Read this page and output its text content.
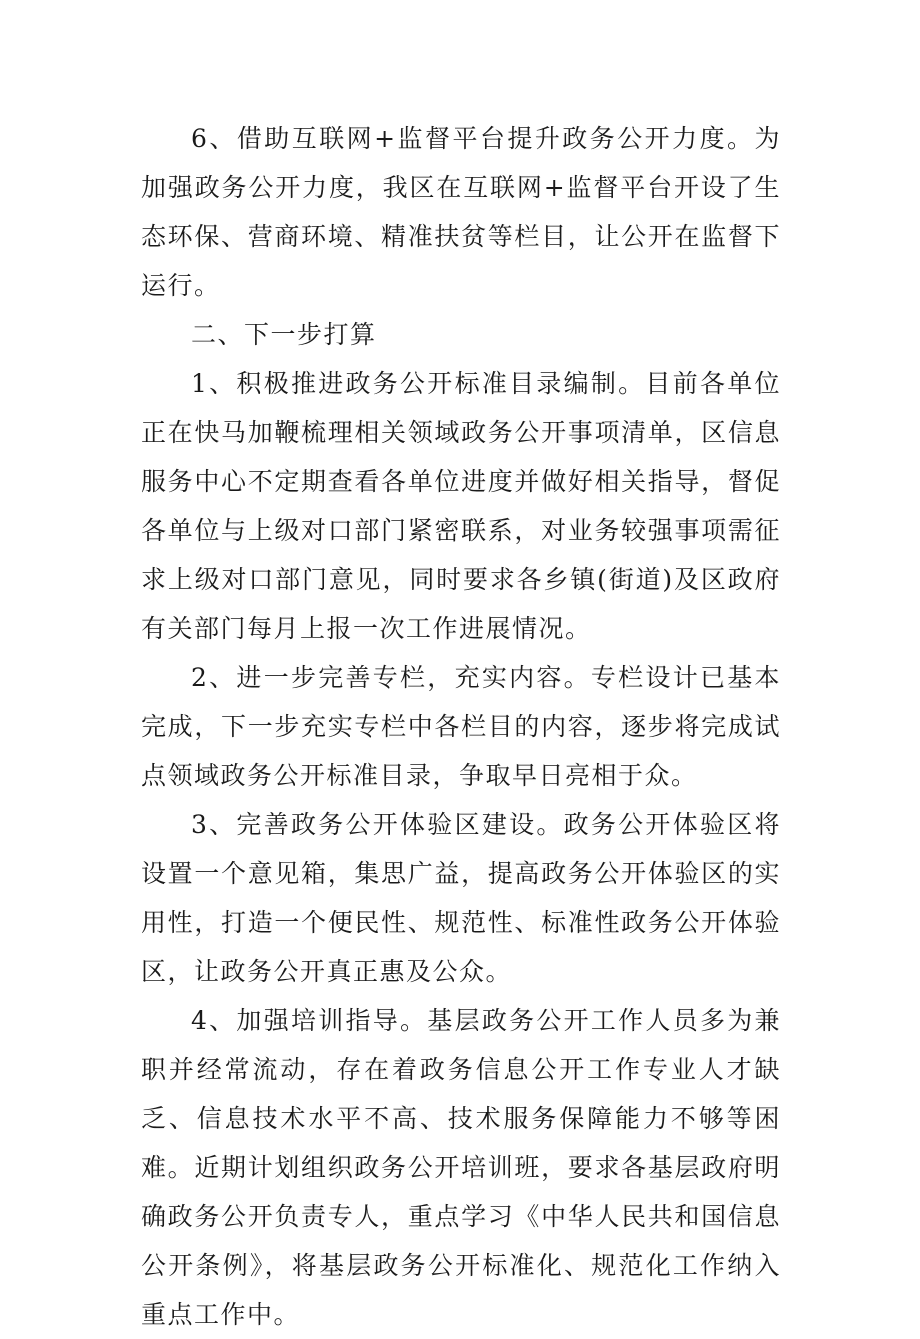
6、借助互联网+监督平台提升政务公开力度。为加强政务公开力度，我区在互联网+监督平台开设了生态环保、营商环境、精准扶贫等栏目，让公开在监督下运行。

二、下一步打算

1、积极推进政务公开标准目录编制。目前各单位正在快马加鞭梳理相关领域政务公开事项清单，区信息服务中心不定期查看各单位进度并做好相关指导，督促各单位与上级对口部门紧密联系，对业务较强事项需征求上级对口部门意见，同时要求各乡镇(街道)及区政府有关部门每月上报一次工作进展情况。

2、进一步完善专栏，充实内容。专栏设计已基本完成，下一步充实专栏中各栏目的内容，逐步将完成试点领域政务公开标准目录，争取早日亮相于众。

3、完善政务公开体验区建设。政务公开体验区将设置一个意见箱，集思广益，提高政务公开体验区的实用性，打造一个便民性、规范性、标准性政务公开体验区，让政务公开真正惠及公众。

4、加强培训指导。基层政务公开工作人员多为兼职并经常流动，存在着政务信息公开工作专业人才缺乏、信息技术水平不高、技术服务保障能力不够等困难。近期计划组织政务公开培训班，要求各基层政府明确政务公开负责专人，重点学习《中华人民共和国信息公开条例》，将基层政务公开标准化、规范化工作纳入重点工作中。
